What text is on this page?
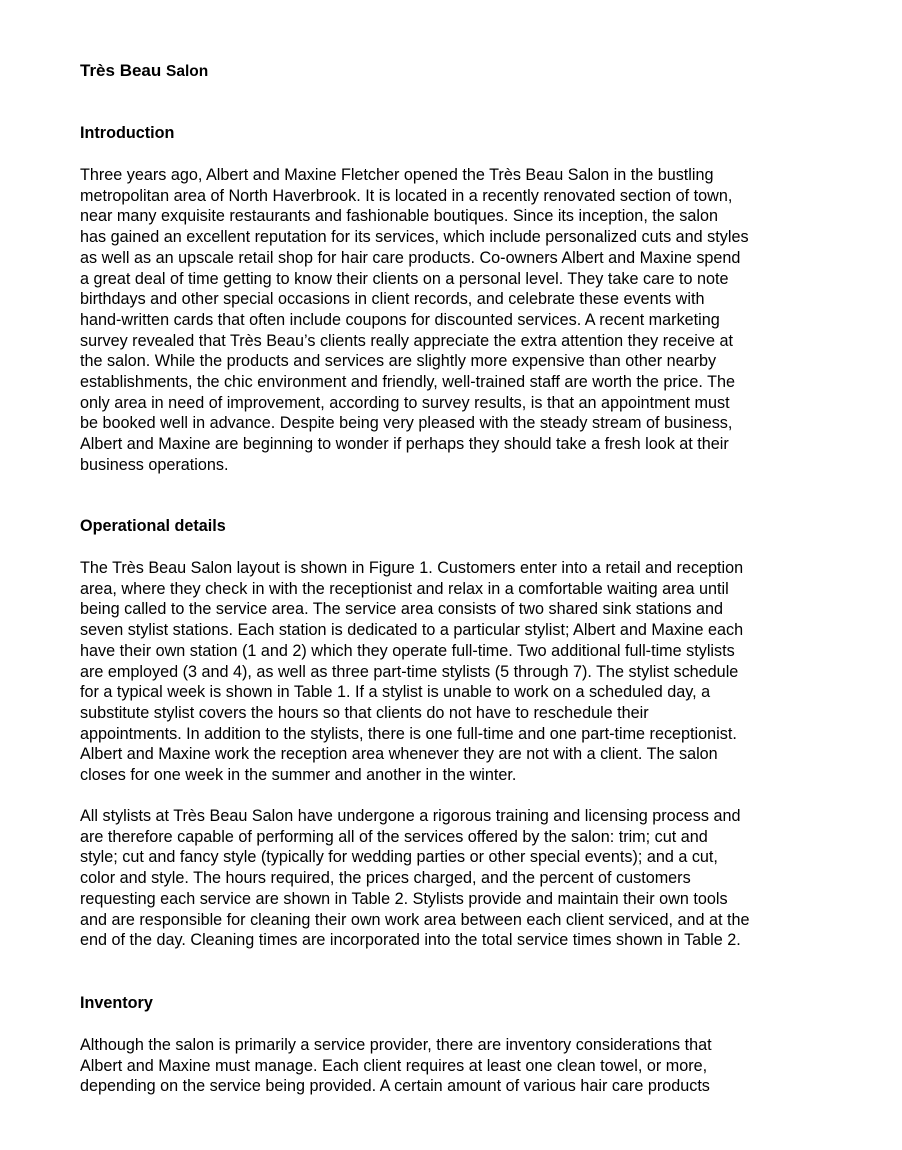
Très Beau Salon
Introduction

Three years ago, Albert and Maxine Fletcher opened the Très Beau Salon in the bustling
metropolitan area of North Haverbrook. It is located in a recently renovated section of town,
near many exquisite restaurants and fashionable boutiques. Since its inception, the salon
has gained an excellent reputation for its services, which include personalized cuts and styles
as well as an upscale retail shop for hair care products. Co-owners Albert and Maxine spend
a great deal of time getting to know their clients on a personal level. They take care to note
birthdays and other special occasions in client records, and celebrate these events with
hand-written cards that often include coupons for discounted services. A recent marketing
survey revealed that Très Beau’s clients really appreciate the extra attention they receive at
the salon. While the products and services are slightly more expensive than other nearby
establishments, the chic environment and friendly, well-trained staff are worth the price. The
only area in need of improvement, according to survey results, is that an appointment must
be booked well in advance. Despite being very pleased with the steady stream of business,
Albert and Maxine are beginning to wonder if perhaps they should take a fresh look at their
business operations.

Operational details

The Très Beau Salon layout is shown in Figure 1. Customers enter into a retail and reception
area, where they check in with the receptionist and relax in a comfortable waiting area until
being called to the service area. The service area consists of two shared sink stations and
seven stylist stations. Each station is dedicated to a particular stylist; Albert and Maxine each
have their own station (1 and 2) which they operate full-time. Two additional full-time stylists
are employed (3 and 4), as well as three part-time stylists (5 through 7). The stylist schedule
for a typical week is shown in Table 1. If a stylist is unable to work on a scheduled day, a
substitute stylist covers the hours so that clients do not have to reschedule their
appointments. In addition to the stylists, there is one full-time and one part-time receptionist.
Albert and Maxine work the reception area whenever they are not with a client. The salon
closes for one week in the summer and another in the winter.

All stylists at Très Beau Salon have undergone a rigorous training and licensing process and
are therefore capable of performing all of the services offered by the salon: trim; cut and
style; cut and fancy style (typically for wedding parties or other special events); and a cut,
color and style. The hours required, the prices charged, and the percent of customers
requesting each service are shown in Table 2. Stylists provide and maintain their own tools
and are responsible for cleaning their own work area between each client serviced, and at the
end of the day. Cleaning times are incorporated into the total service times shown in Table 2.

Inventory

Although the salon is primarily a service provider, there are inventory considerations that
Albert and Maxine must manage. Each client requires at least one clean towel, or more,
depending on the service being provided. A certain amount of various hair care products
